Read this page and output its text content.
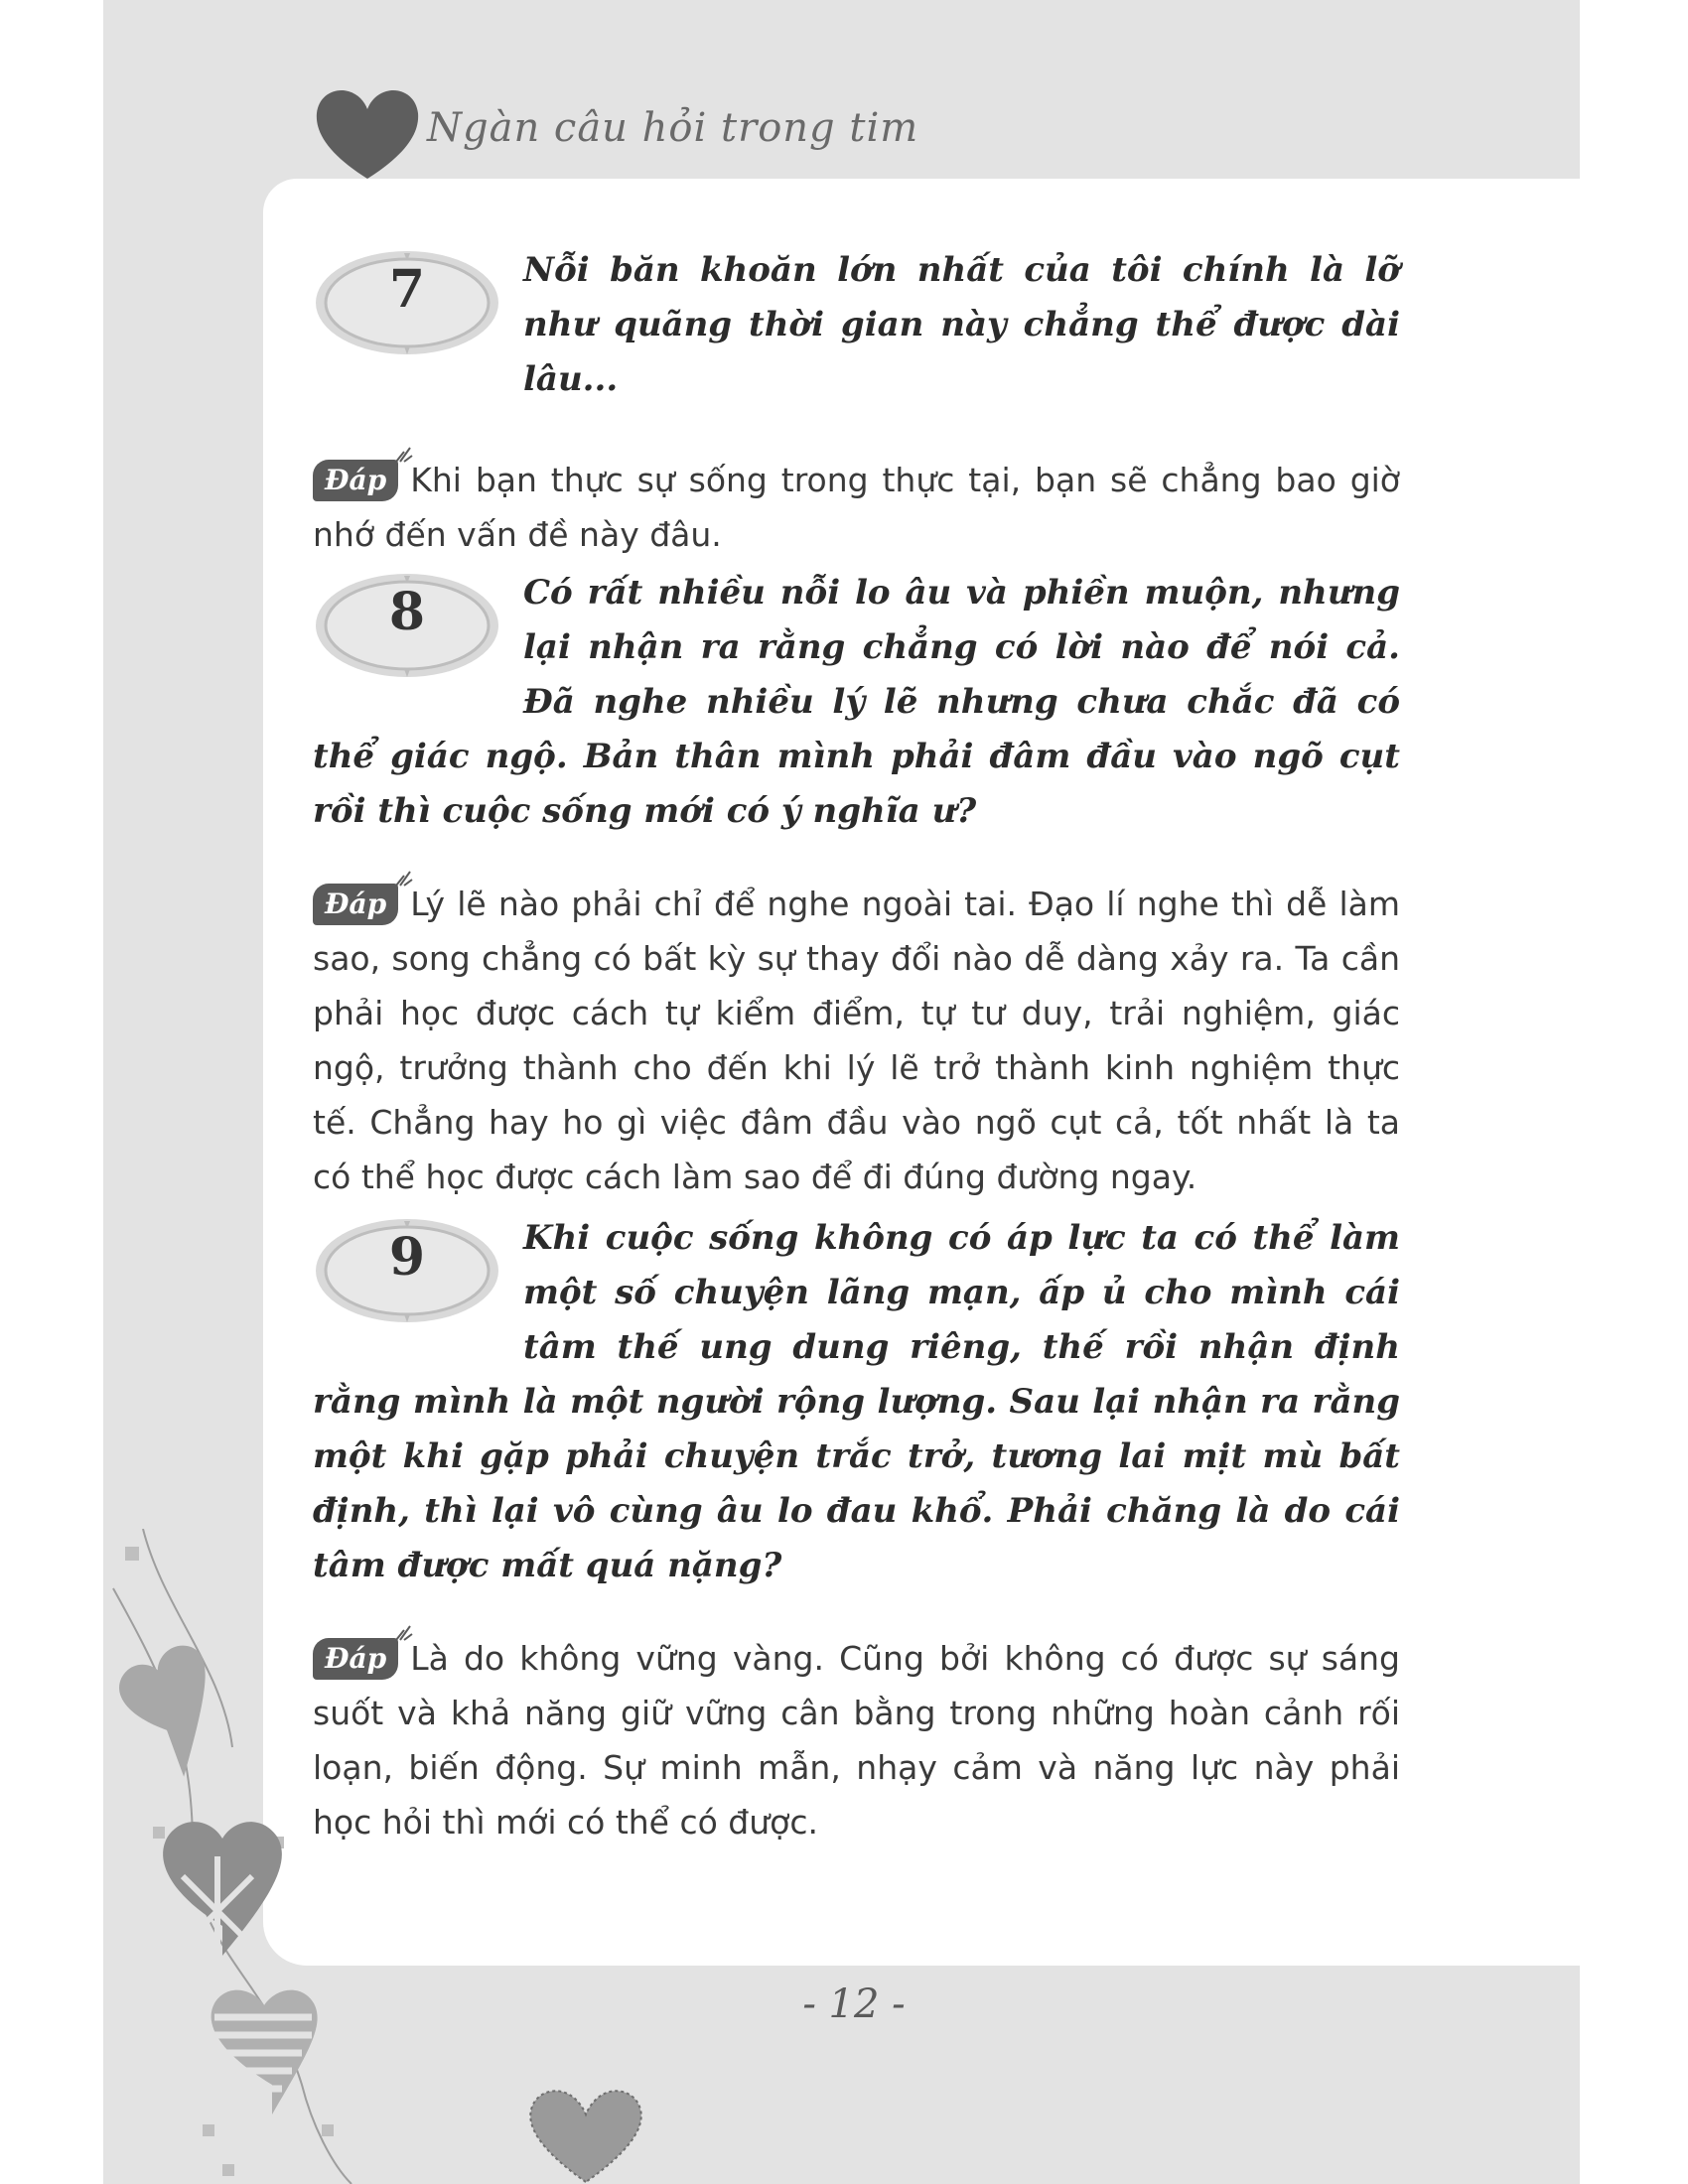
Ngàn câu hỏi trong tim
7	Nỗi băn khoăn lớn nhất của tôi chính là lỡ như quãng thời gian này chẳng thể được dài lâu...

Đáp Khi bạn thực sự sống trong thực tại, bạn sẽ chẳng bao giờ nhớ đến vấn đề này đâu.

8	Có rất nhiều nỗi lo âu và phiền muộn, nhưng lại nhận ra rằng chẳng có lời nào để nói cả. Đã nghe nhiều lý lẽ nhưng chưa chắc đã có thể giác ngộ. Bản thân mình phải đâm đầu vào ngõ cụt rồi thì cuộc sống mới có ý nghĩa ư?

Đáp Lý lẽ nào phải chỉ để nghe ngoài tai. Đạo lí nghe thì dễ làm sao, song chẳng có bất kỳ sự thay đổi nào dễ dàng xảy ra. Ta cần phải học được cách tự kiểm điểm, tự tư duy, trải nghiệm, giác ngộ, trưởng thành cho đến khi lý lẽ trở thành kinh nghiệm thực tế. Chẳng hay ho gì việc đâm đầu vào ngõ cụt cả, tốt nhất là ta có thể học được cách làm sao để đi đúng đường ngay.

9	Khi cuộc sống không có áp lực ta có thể làm một số chuyện lãng mạn, ấp ủ cho mình cái tâm thế ung dung riêng, thế rồi nhận định rằng mình là một người rộng lượng. Sau lại nhận ra rằng một khi gặp phải chuyện trắc trở, tương lai mịt mù bất định, thì lại vô cùng âu lo đau khổ. Phải chăng là do cái tâm được mất quá nặng?

Đáp Là do không vững vàng. Cũng bởi không có được sự sáng suốt và khả năng giữ vững cân bằng trong những hoàn cảnh rối loạn, biến động. Sự minh mẫn, nhạy cảm và năng lực này phải học hỏi thì mới có thể có được.

- 12 -
